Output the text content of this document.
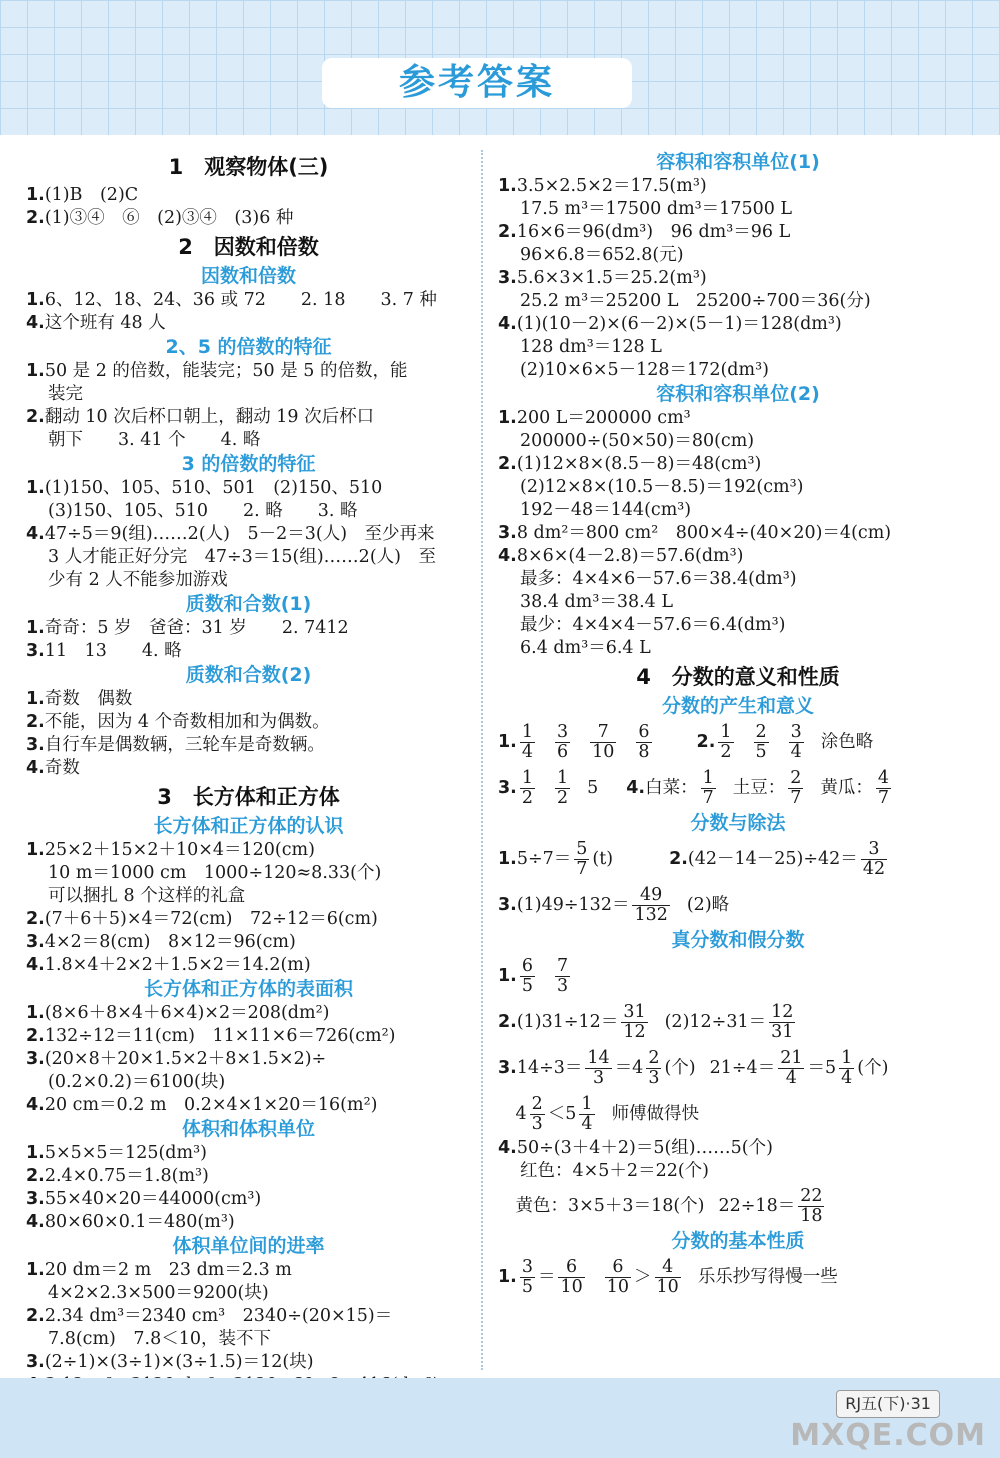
参考答案
1　观察物体(三)
1.(1)B　(2)C
2.(1)③④　⑥　(2)③④　(3)6 种
2　因数和倍数
因数和倍数
1.6、12、18、24、36 或 72　　2. 18　　3. 7 种
4.这个班有 48 人
2、5 的倍数的特征
1.50 是 2 的倍数，能装完；50 是 5 的倍数，能
装完
2.翻动 10 次后杯口朝上，翻动 19 次后杯口
朝下　　3. 41 个　　4. 略
3 的倍数的特征
1.(1)150、105、510、501　(2)150、510
(3)150、105、510　　2. 略　　3. 略
4.47÷5＝9(组)……2(人)　5－2＝3(人)　至少再来
3 人才能正好分完　47÷3＝15(组)……2(人)　至
少有 2 人不能参加游戏
质数和合数(1)
1.奇奇：5 岁　爸爸：31 岁　　2. 7412
3.11　13　　4. 略
质数和合数(2)
1.奇数　偶数
2.不能，因为 4 个奇数相加和为偶数。
3.自行车是偶数辆，三轮车是奇数辆。
4.奇数
3　长方体和正方体
长方体和正方体的认识
1.25×2＋15×2＋10×4＝120(cm)
10 m＝1000 cm　1000÷120≈8.33(个)
可以捆扎 8 个这样的礼盒
2.(7＋6＋5)×4＝72(cm)　72÷12＝6(cm)
3.4×2＝8(cm)　8×12＝96(cm)
4.1.8×4＋2×2＋1.5×2＝14.2(m)
长方体和正方体的表面积
1.(8×6＋8×4＋6×4)×2＝208(dm²)
2.132÷12＝11(cm)　11×11×6＝726(cm²)
3.(20×8＋20×1.5×2＋8×1.5×2)÷
(0.2×0.2)＝6100(块)
4.20 cm＝0.2 m　0.2×4×1×20＝16(m²)
体积和体积单位
1.5×5×5＝125(dm³)
2.2.4×0.75＝1.8(m³)
3.55×40×20＝44000(cm³)
4.80×60×0.1＝480(m³)
体积单位间的进率
1.20 dm＝2 m　23 dm＝2.3 m
4×2×2.3×500＝9200(块)
2.2.34 dm³＝2340 cm³　2340÷(20×15)＝
7.8(cm)　7.8＜10，装不下
3.(2÷1)×(3÷1)×(3÷1.5)＝12(块)
容积和容积单位(1)
1.3.5×2.5×2＝17.5(m³)
17.5 m³＝17500 dm³＝17500 L
2.16×6＝96(dm³)　96 dm³＝96 L
96×6.8＝652.8(元)
3.5.6×3×1.5＝25.2(m³)
25.2 m³＝25200 L　25200÷700＝36(分)
4.(1)(10－2)×(6－2)×(5－1)＝128(dm³)
128 dm³＝128 L
(2)10×6×5－128＝172(dm³)
容积和容积单位(2)
1.200 L＝200000 cm³
200000÷(50×50)＝80(cm)
2.(1)12×8×(8.5－8)＝48(cm³)
(2)12×8×(10.5－8.5)＝192(cm³)
192－48＝144(cm³)
3.8 dm²＝800 cm²　800×4÷(40×20)＝4(cm)
4.8×6×(4－2.8)＝57.6(dm³)
最多：4×4×6－57.6＝38.4(dm³)
38.4 dm³＝38.4 L
最少：4×4×4－57.6＝6.4(dm³)
6.4 dm³＝6.4 L
4　分数的意义和性质
分数的产生和意义
1. $\frac{1}{4} \frac{3}{6} \frac{7}{10} \frac{6}{8}$	2. $\frac{1}{2} \frac{2}{5} \frac{3}{4}$ 涂色略
3. $\frac{1}{2} \frac{1}{2} 5$ 4.白菜： $\frac{1}{7}$ 土豆： $\frac{2}{7}$ 黄瓜： $\frac{4}{7}$
分数与除法
$1.5\div 7= \frac{5}{7} (t)$	$2.(42-14-25)\div 42= \frac{3}{42}$
$3.(1)49\div 132= \frac{49}{132} (2)$略
真分数和假分数
1. $\frac{6}{5} \frac{7}{3}$
$2.(1)31\div 12= \frac{31}{12} (2)12\div 31= \frac{12}{31}$
$3.14\div 3= \frac{14}{3} =4 \frac{2}{3}$ (个) $21\div 4= \frac{21}{4} =5 \frac{1}{4}$ (个)
　$4 \frac{2}{3} <5 \frac{1}{4}$ 师傅做得快
4.50÷(3＋4＋2)＝5(组)……5(个)
红色：4×5＋2＝22(个)
　黄色：3×5＋3＝18(个) $22\div 18= \frac{22}{18}$
分数的基本性质
1. $\frac{3}{5} = \frac{6}{10} \frac{6}{10} > \frac{4}{10}$ 乐乐抄写得慢一些
RJ五(下)·31
MXQE.COM
